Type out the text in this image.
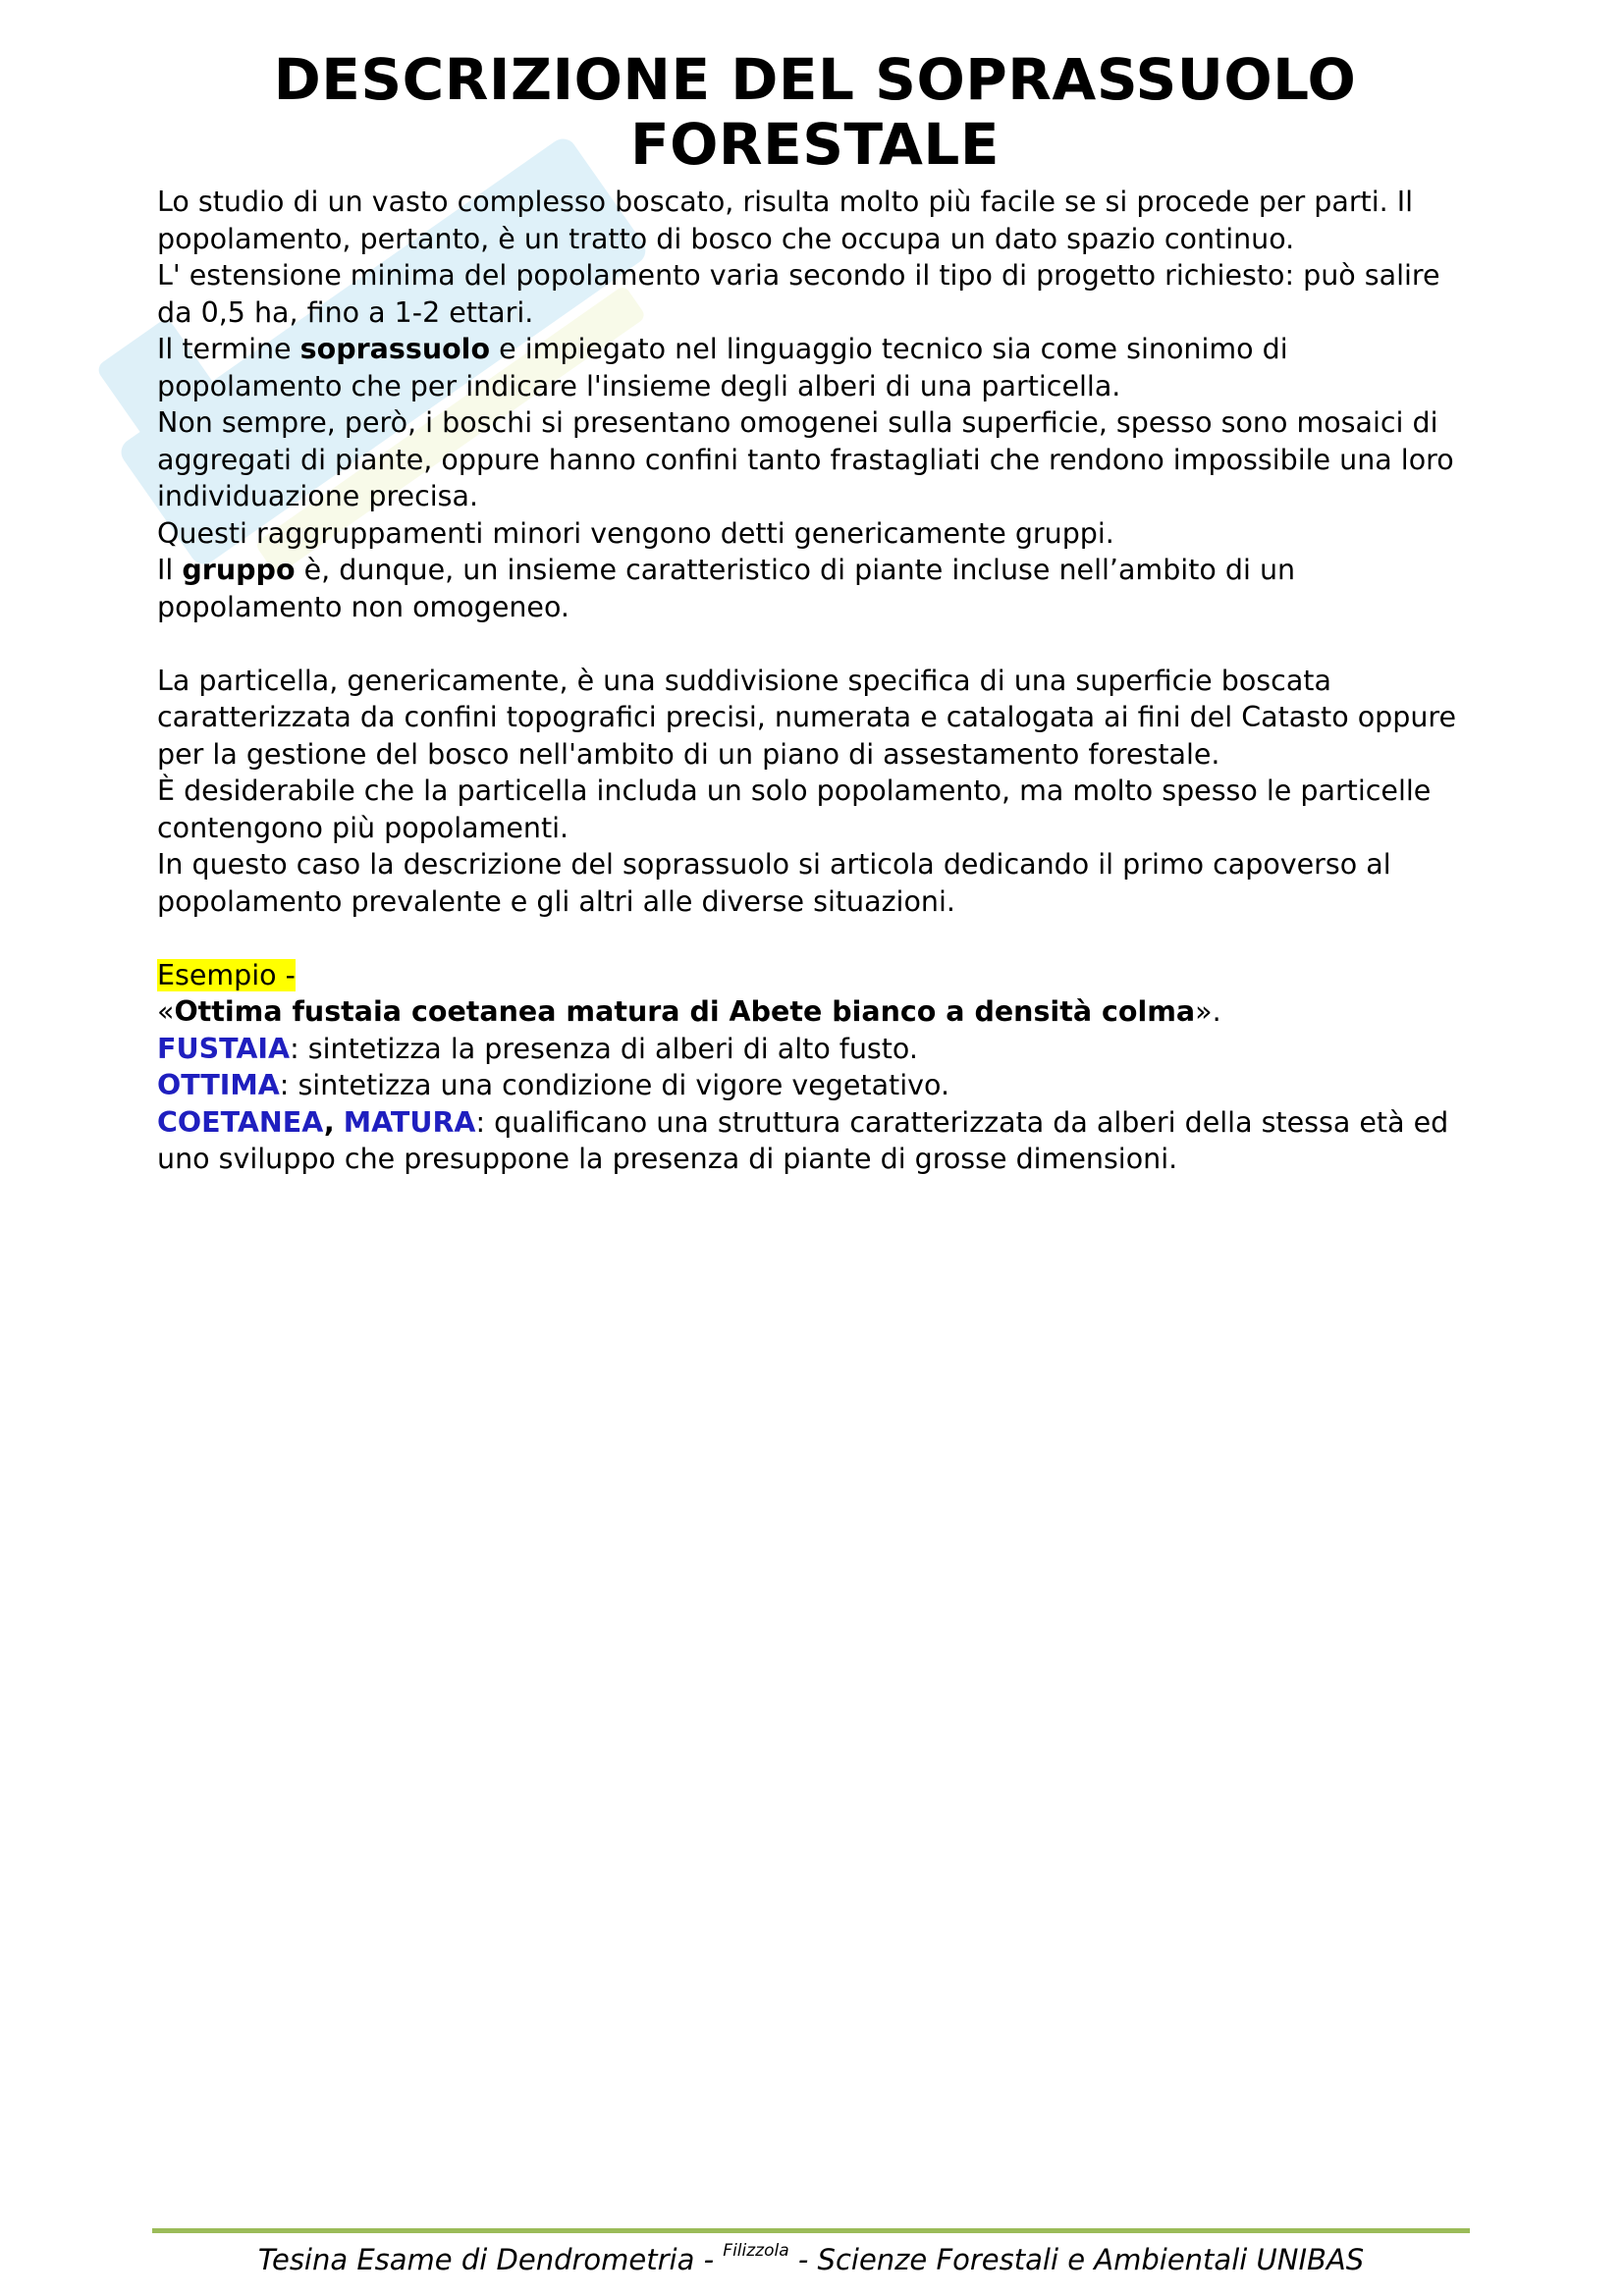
DESCRIZIONE DEL SOPRASSUOLO FORESTALE

Lo studio di un vasto complesso boscato, risulta molto più facile se si procede per parti. Il popolamento, pertanto, è un tratto di bosco che occupa un dato spazio continuo.

L' estensione minima del popolamento varia secondo il tipo di progetto richiesto: può salire da 0,5 ha, fino a 1-2 ettari.

Il termine soprassuolo e impiegato nel linguaggio tecnico sia come sinonimo di popolamento che per indicare l'insieme degli alberi di una particella.

Non sempre, però, i boschi si presentano omogenei sulla superficie, spesso sono mosaici di aggregati di piante, oppure hanno confini tanto frastagliati che rendono impossibile una loro individuazione precisa.

Questi raggruppamenti minori vengono detti genericamente gruppi.

Il gruppo è, dunque, un insieme caratteristico di piante incluse nell’ambito di un popolamento non omogeneo.

La particella, genericamente, è una suddivisione specifica di una superficie boscata caratterizzata da confini topografici precisi, numerata e catalogata ai fini del Catasto oppure per la gestione del bosco nell'ambito di un piano di assestamento forestale.

È desiderabile che la particella includa un solo popolamento, ma molto spesso le particelle contengono più popolamenti.

In questo caso la descrizione del soprassuolo si articola dedicando il primo capoverso al popolamento prevalente e gli altri alle diverse situazioni.

Esempio -

«Ottima fustaia coetanea matura di Abete bianco a densità colma».

FUSTAIA: sintetizza la presenza di alberi di alto fusto.

OTTIMA: sintetizza una condizione di vigore vegetativo.

COETANEA, MATURA: qualificano una struttura caratterizzata da alberi della stessa età ed uno sviluppo che presuppone la presenza di piante di grosse dimensioni.

Tesina Esame di Dendrometria - $^{Filizzola}$ - Scienze Forestali e Ambientali UNIBAS
